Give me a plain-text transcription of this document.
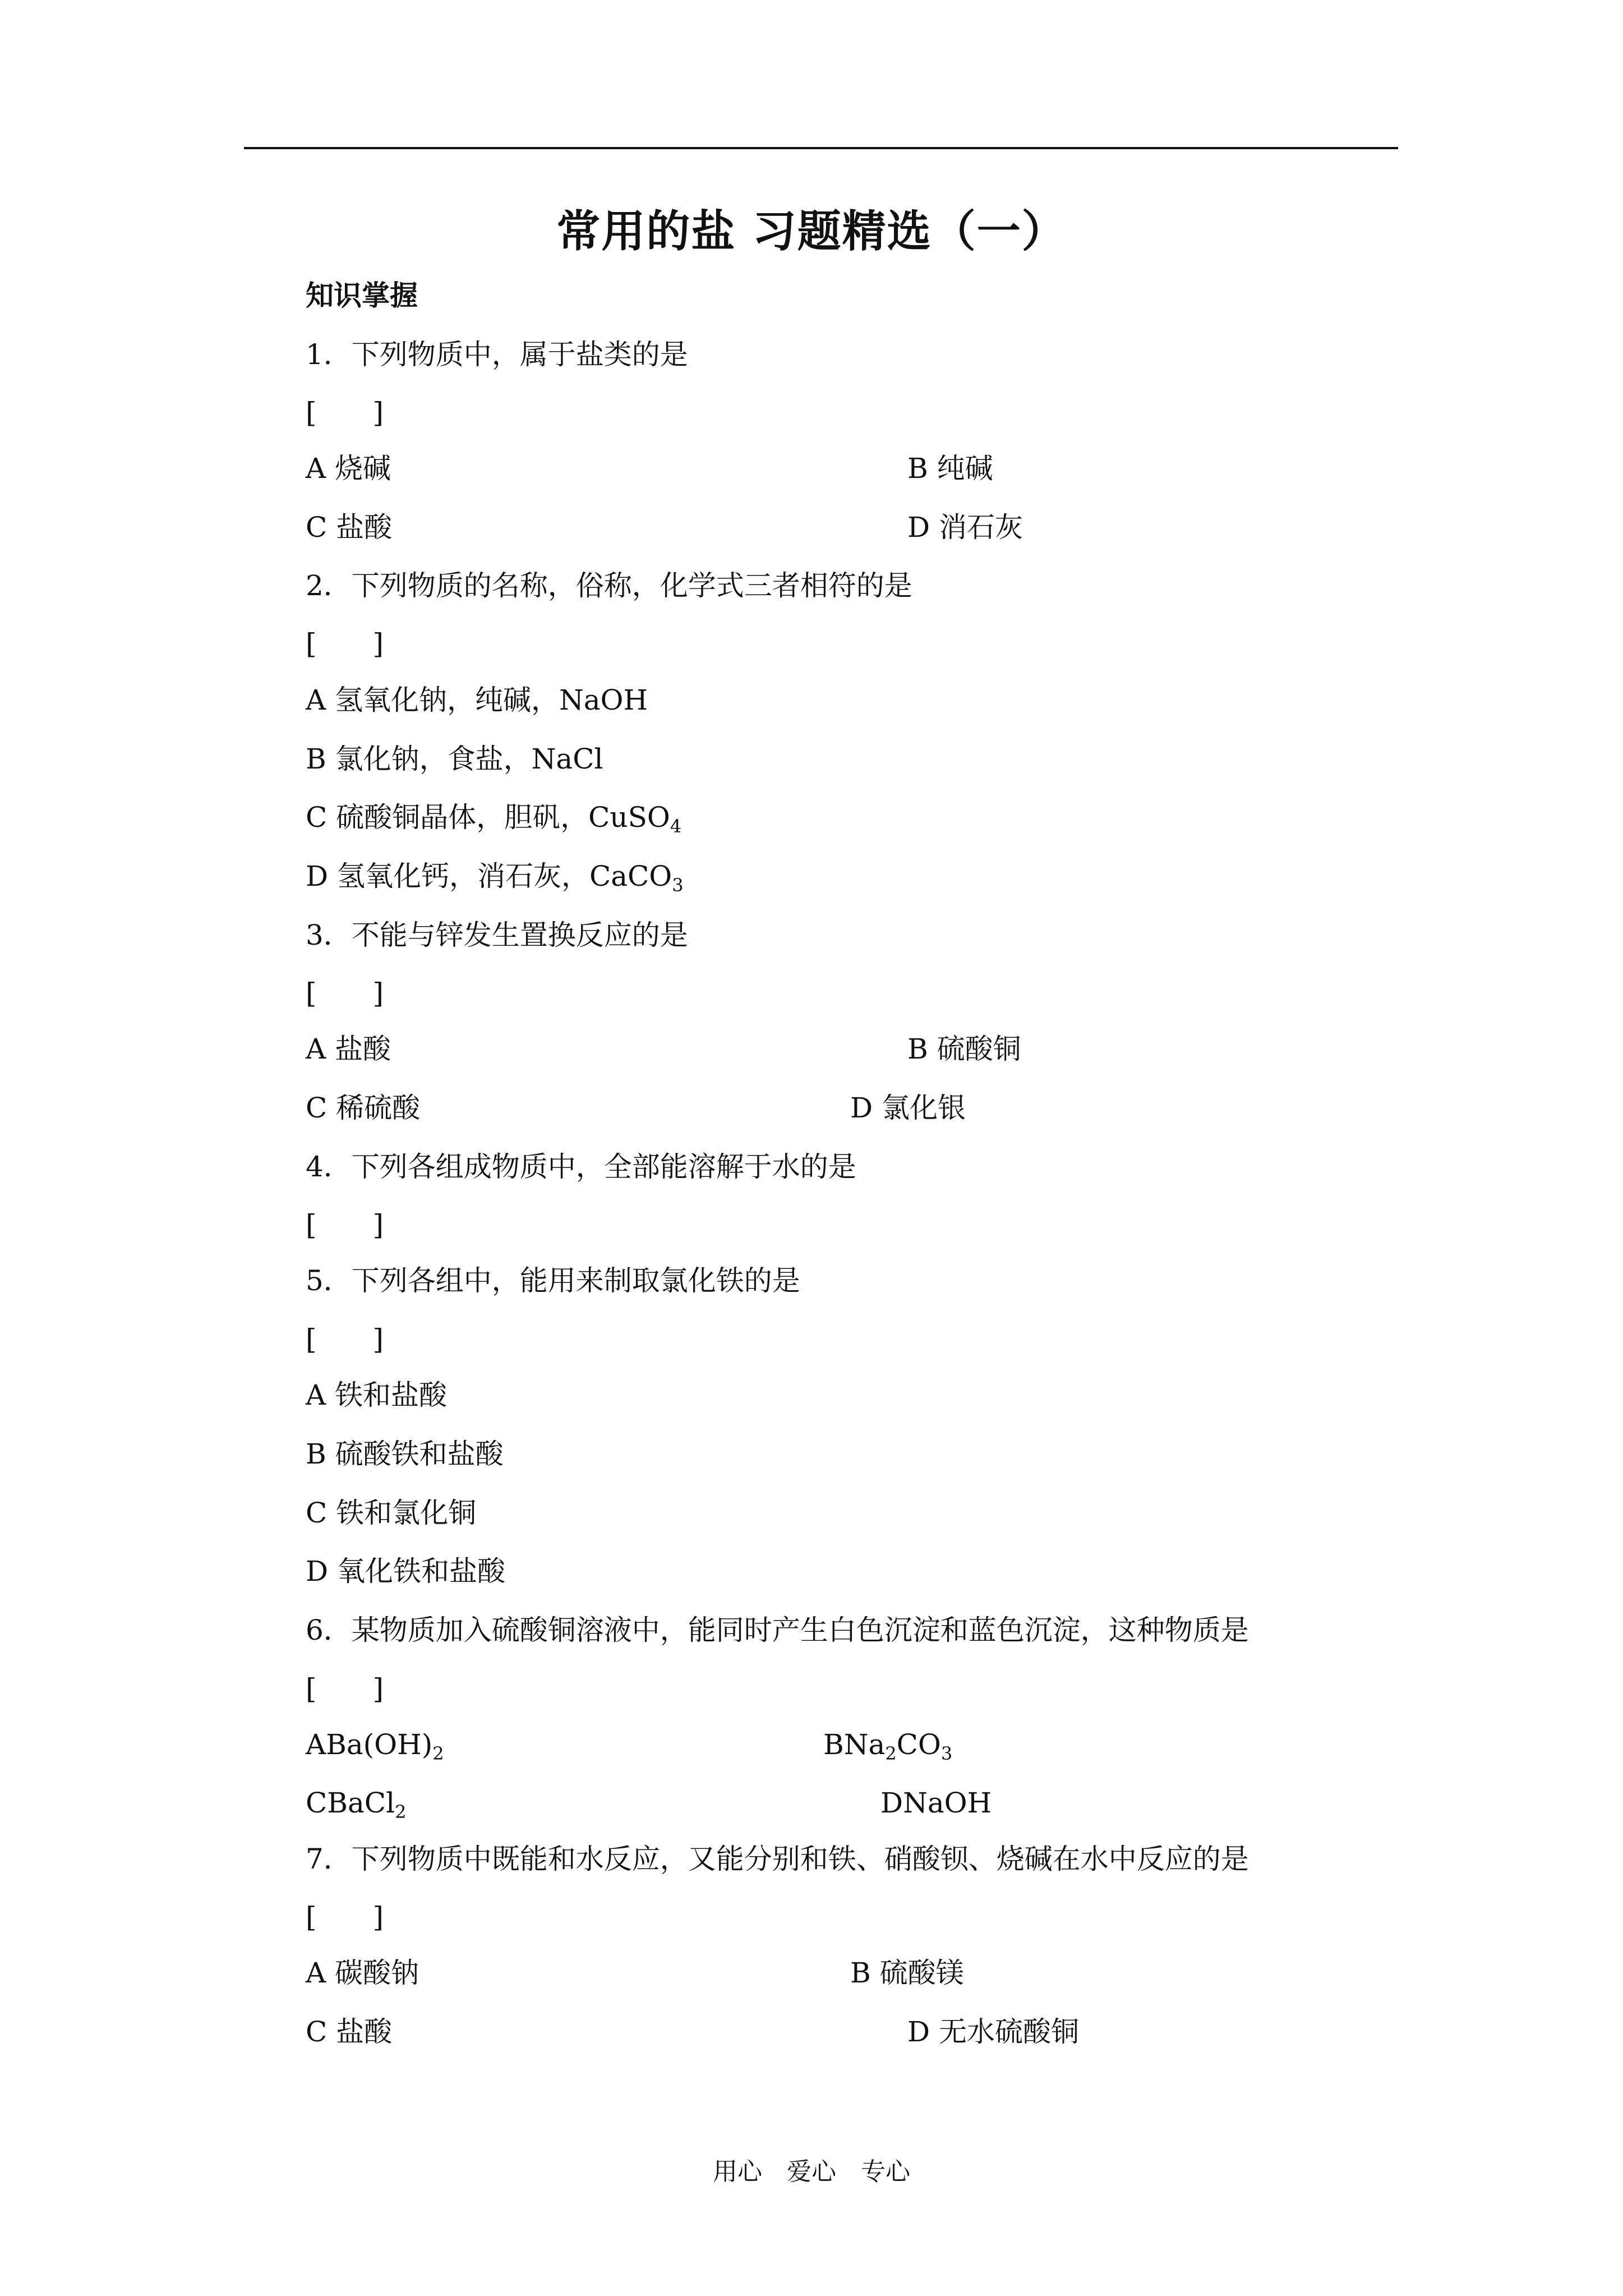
常用的盐 习题精选（一）
知识掌握
1．下列物质中，属于盐类的是
[　　]
A 烧碱	B 纯碱
C 盐酸	D 消石灰
2．下列物质的名称，俗称，化学式三者相符的是
[　　]
A 氢氧化钠，纯碱，NaOH
B 氯化钠，食盐，NaCl
C 硫酸铜晶体，胆矾，CuSO$_4$
D 氢氧化钙，消石灰，CaCO$_3$
3．不能与锌发生置换反应的是
[　　]
A 盐酸	B 硫酸铜
C 稀硫酸	D 氯化银
4．下列各组成物质中，全部能溶解于水的是
[　　]
5．下列各组中，能用来制取氯化铁的是
[　　]
A 铁和盐酸
B 硫酸铁和盐酸
C 铁和氯化铜
D 氧化铁和盐酸
6．某物质加入硫酸铜溶液中，能同时产生白色沉淀和蓝色沉淀，这种物质是
[　　]
$ABa(OH)_2$	$BNa_2CO_3$
CBaCl$_2$	DNaOH
7．下列物质中既能和水反应，又能分别和铁、硝酸钡、烧碱在水中反应的是
[　　]
A 碳酸钠	B 硫酸镁
C 盐酸	D 无水硫酸铜
用心　爱心　专心
